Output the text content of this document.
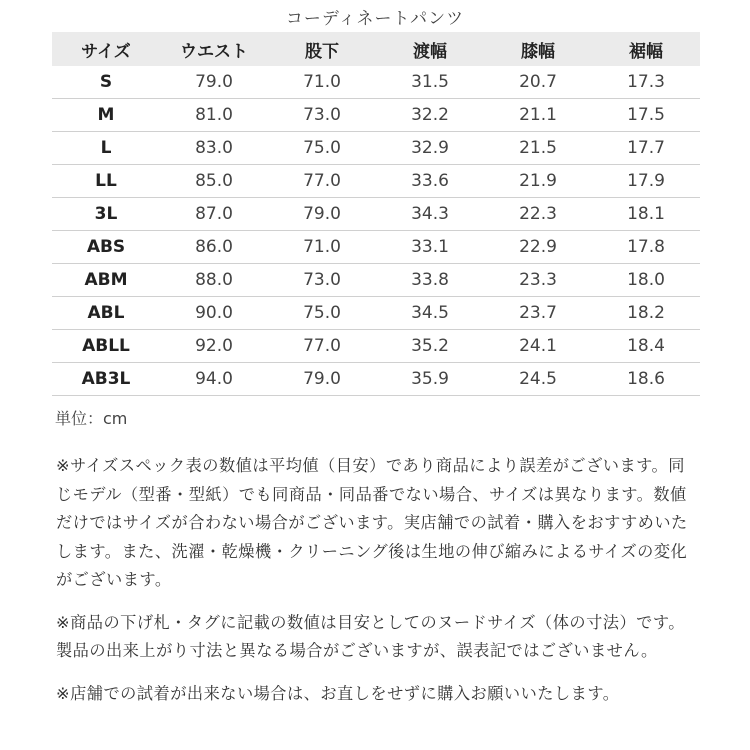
コーディネートパンツ
サイズ	ウエスト	股下	渡幅	膝幅	裾幅
S	79.0	71.0	31.5	20.7	17.3
M	81.0	73.0	32.2	21.1	17.5
L	83.0	75.0	32.9	21.5	17.7
LL	85.0	77.0	33.6	21.9	17.9
3L	87.0	79.0	34.3	22.3	18.1
ABS	86.0	71.0	33.1	22.9	17.8
ABM	88.0	73.0	33.8	23.3	18.0
ABL	90.0	75.0	34.5	23.7	18.2
ABLL	92.0	77.0	35.2	24.1	18.4
AB3L	94.0	79.0	35.9	24.5	18.6
単位：cm

※サイズスペック表の数値は平均値（目安）であり商品により誤差がございます。同じモデル（型番・型紙）でも同商品・同品番でない場合、サイズは異なります。数値だけではサイズが合わない場合がございます。実店舗での試着・購入をおすすめいたします。また、洗濯・乾燥機・クリーニング後は生地の伸び縮みによるサイズの変化がございます。

※商品の下げ札・タグに記載の数値は目安としてのヌードサイズ（体の寸法）です。製品の出来上がり寸法と異なる場合がございますが、誤表記ではございません。

※店舗での試着が出来ない場合は、お直しをせずに購入お願いいたします。
